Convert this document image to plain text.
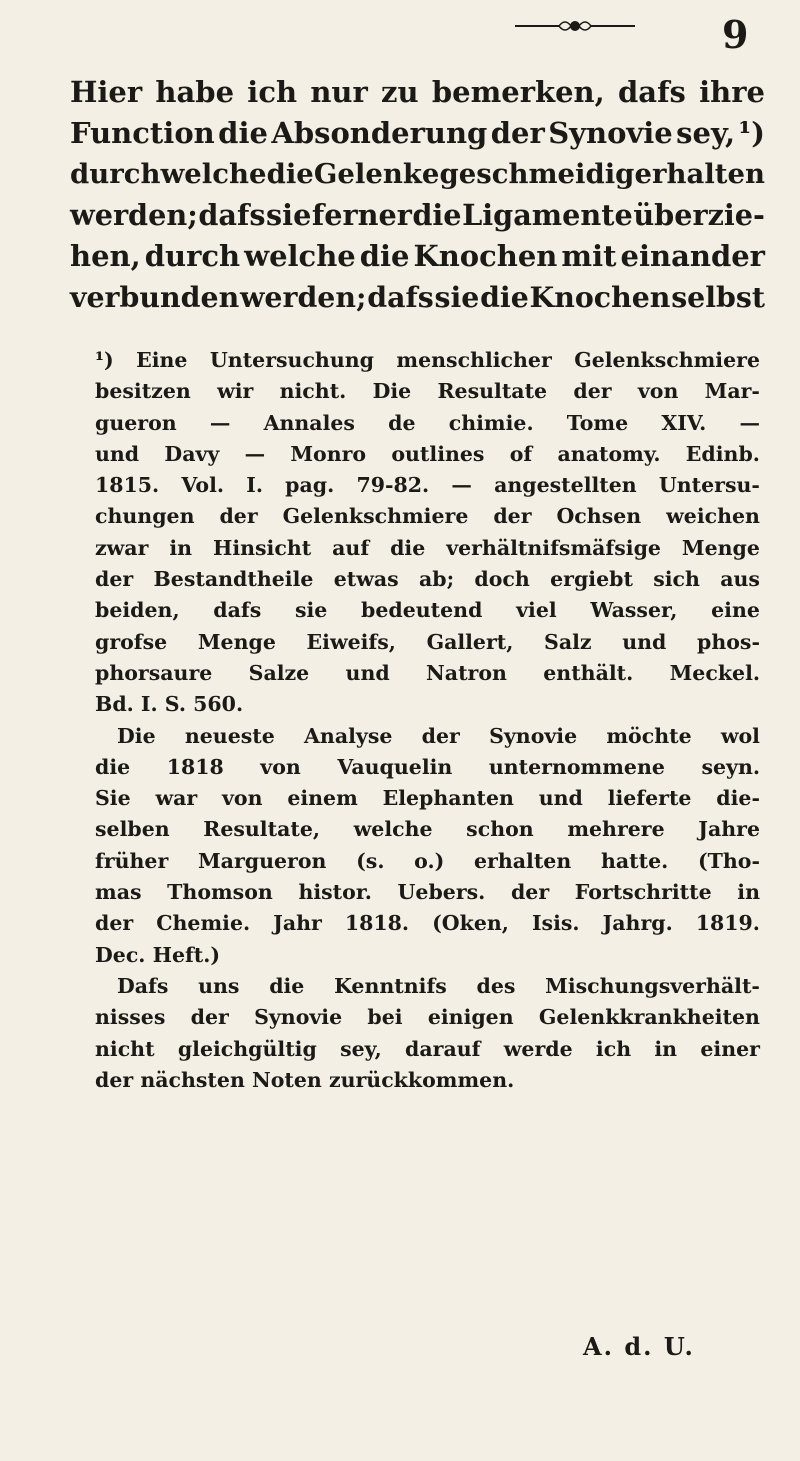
9
Hier habe ich nur zu bemerken, dafs ihre
Function die Absonderung der Synovie sey, ¹)
durch welche die Gelenke geschmeidig erhalten
werden; dafs sie ferner die Ligamente überzie-
hen, durch welche die Knochen mit einander
verbunden werden; dafs sie die Knochen selbst
¹) Eine Untersuchung menschlicher Gelenkschmiere
besitzen wir nicht. Die Resultate der von Mar-
gueron — Annales de chimie. Tome XIV. —
und Davy — Monro outlines of anatomy. Edinb.
1815. Vol. I. pag. 79-82. — angestellten Untersu-
chungen der Gelenkschmiere der Ochsen weichen
zwar in Hinsicht auf die verhältnifsmäfsige Menge
der Bestandtheile etwas ab; doch ergiebt sich aus
beiden, dafs sie bedeutend viel Wasser, eine
grofse Menge Eiweifs, Gallert, Salz und phos-
phorsaure Salze und Natron enthält. Meckel.
Bd. I. S. 560.
Die neueste Analyse der Synovie möchte wol
die 1818 von Vauquelin unternommene seyn.
Sie war von einem Elephanten und lieferte die-
selben Resultate, welche schon mehrere Jahre
früher Margueron (s. o.) erhalten hatte. (Tho-
mas Thomson histor. Uebers. der Fortschritte in
der Chemie. Jahr 1818. (Oken, Isis. Jahrg. 1819.
Dec. Heft.)
Dafs uns die Kenntnifs des Mischungsverhält-
nisses der Synovie bei einigen Gelenkkrankheiten
nicht gleichgültig sey, darauf werde ich in einer
der nächsten Noten zurückkommen.
A. d. U.
